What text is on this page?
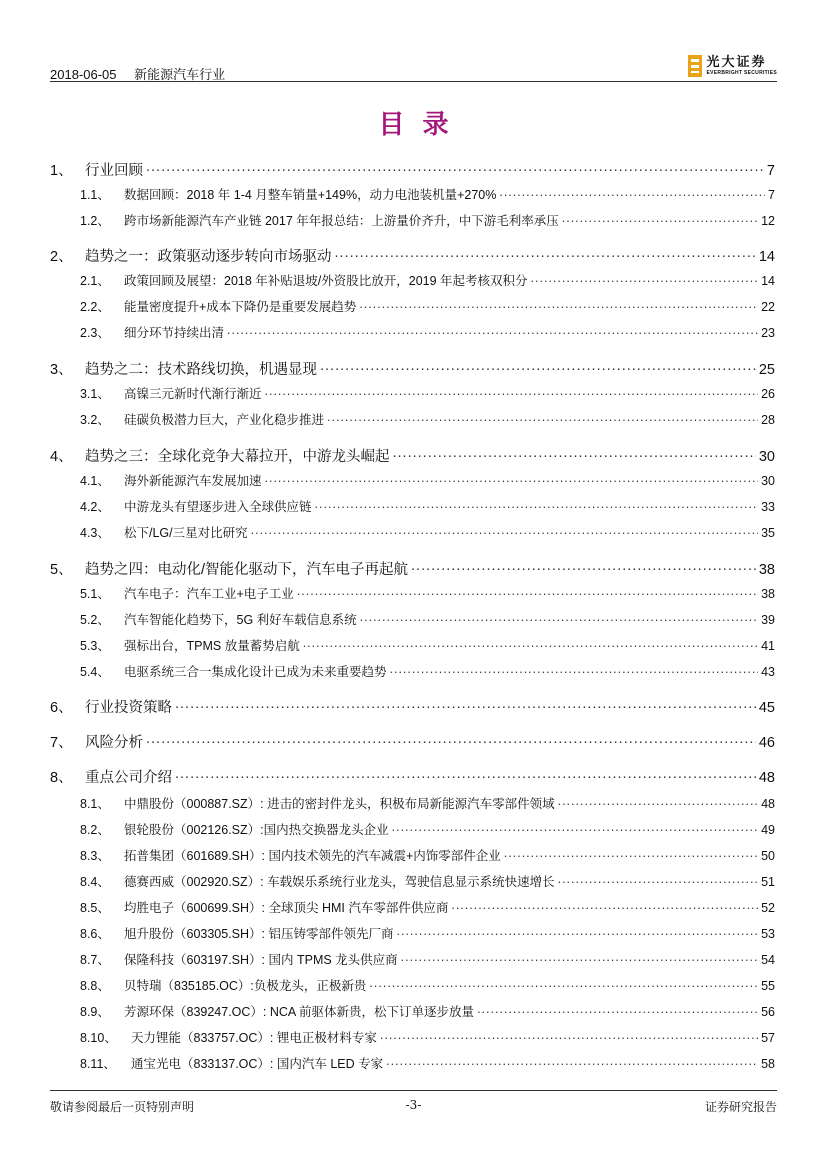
2018-06-05 新能源汽车行业
光大证券
EVERBRIGHT SECURITIES
目录
1、 行业回顾 .....	7
1.1、	数据回顾：2018 年 1-4 月整车销量+149%，动力电池装机量+270% .....	7
1.2、	跨市场新能源汽车产业链 2017 年年报总结：上游量价齐升，中下游毛利率承压 .....	12
2、 趋势之一：政策驱动逐步转向市场驱动 .....	14
2.1、	政策回顾及展望：2018 年补贴退坡/外资股比放开，2019 年起考核双积分 .....	14
2.2、	能量密度提升+成本下降仍是重要发展趋势 .....	22
2.3、	细分环节持续出清 .....	23
3、 趋势之二：技术路线切换，机遇显现 .....	25
3.1、	高镍三元新时代渐行渐近 .....	26
3.2、	硅碳负极潜力巨大，产业化稳步推进 .....	28
4、 趋势之三：全球化竞争大幕拉开，中游龙头崛起 .....	30
4.1、	海外新能源汽车发展加速 .....	30
4.2、	中游龙头有望逐步进入全球供应链 .....	33
4.3、	松下/LG/三星对比研究 .....	35
5、 趋势之四：电动化/智能化驱动下，汽车电子再起航 .....	38
5.1、	汽车电子：汽车工业+电子工业 .....	38
5.2、	汽车智能化趋势下，5G 利好车载信息系统 .....	39
5.3、	强标出台，TPMS 放量蓄势启航 .....	41
5.4、	电驱系统三合一集成化设计已成为未来重要趋势 .....	43
6、 行业投资策略 .....	45
7、 风险分析 .....	46
8、 重点公司介绍 .....	48
8.1、	中鼎股份（000887.SZ）: 进击的密封件龙头，积极布局新能源汽车零部件领域 .....	48
8.2、	银轮股份（002126.SZ）:国内热交换器龙头企业 .....	49
8.3、	拓普集团（601689.SH）: 国内技术领先的汽车减震+内饰零部件企业 .....	50
8.4、	德赛西威（002920.SZ）: 车载娱乐系统行业龙头，驾驶信息显示系统快速增长 .....	51
8.5、	均胜电子（600699.SH）: 全球顶尖 HMI 汽车零部件供应商 .....	52
8.6、	旭升股份（603305.SH）: 铝压铸零部件领先厂商 .....	53
8.7、	保隆科技（603197.SH）: 国内 TPMS 龙头供应商 .....	54
8.8、	贝特瑞（835185.OC）:负极龙头，正极新贵 .....	55
8.9、	芳源环保（839247.OC）: NCA 前驱体新贵，松下订单逐步放量 .....	56
8.10、	天力锂能（833757.OC）: 锂电正极材料专家 .....	57
8.11、	通宝光电（833137.OC）: 国内汽车 LED 专家 .....	58
敬请参阅最后一页特别声明	-3-	证券研究报告
